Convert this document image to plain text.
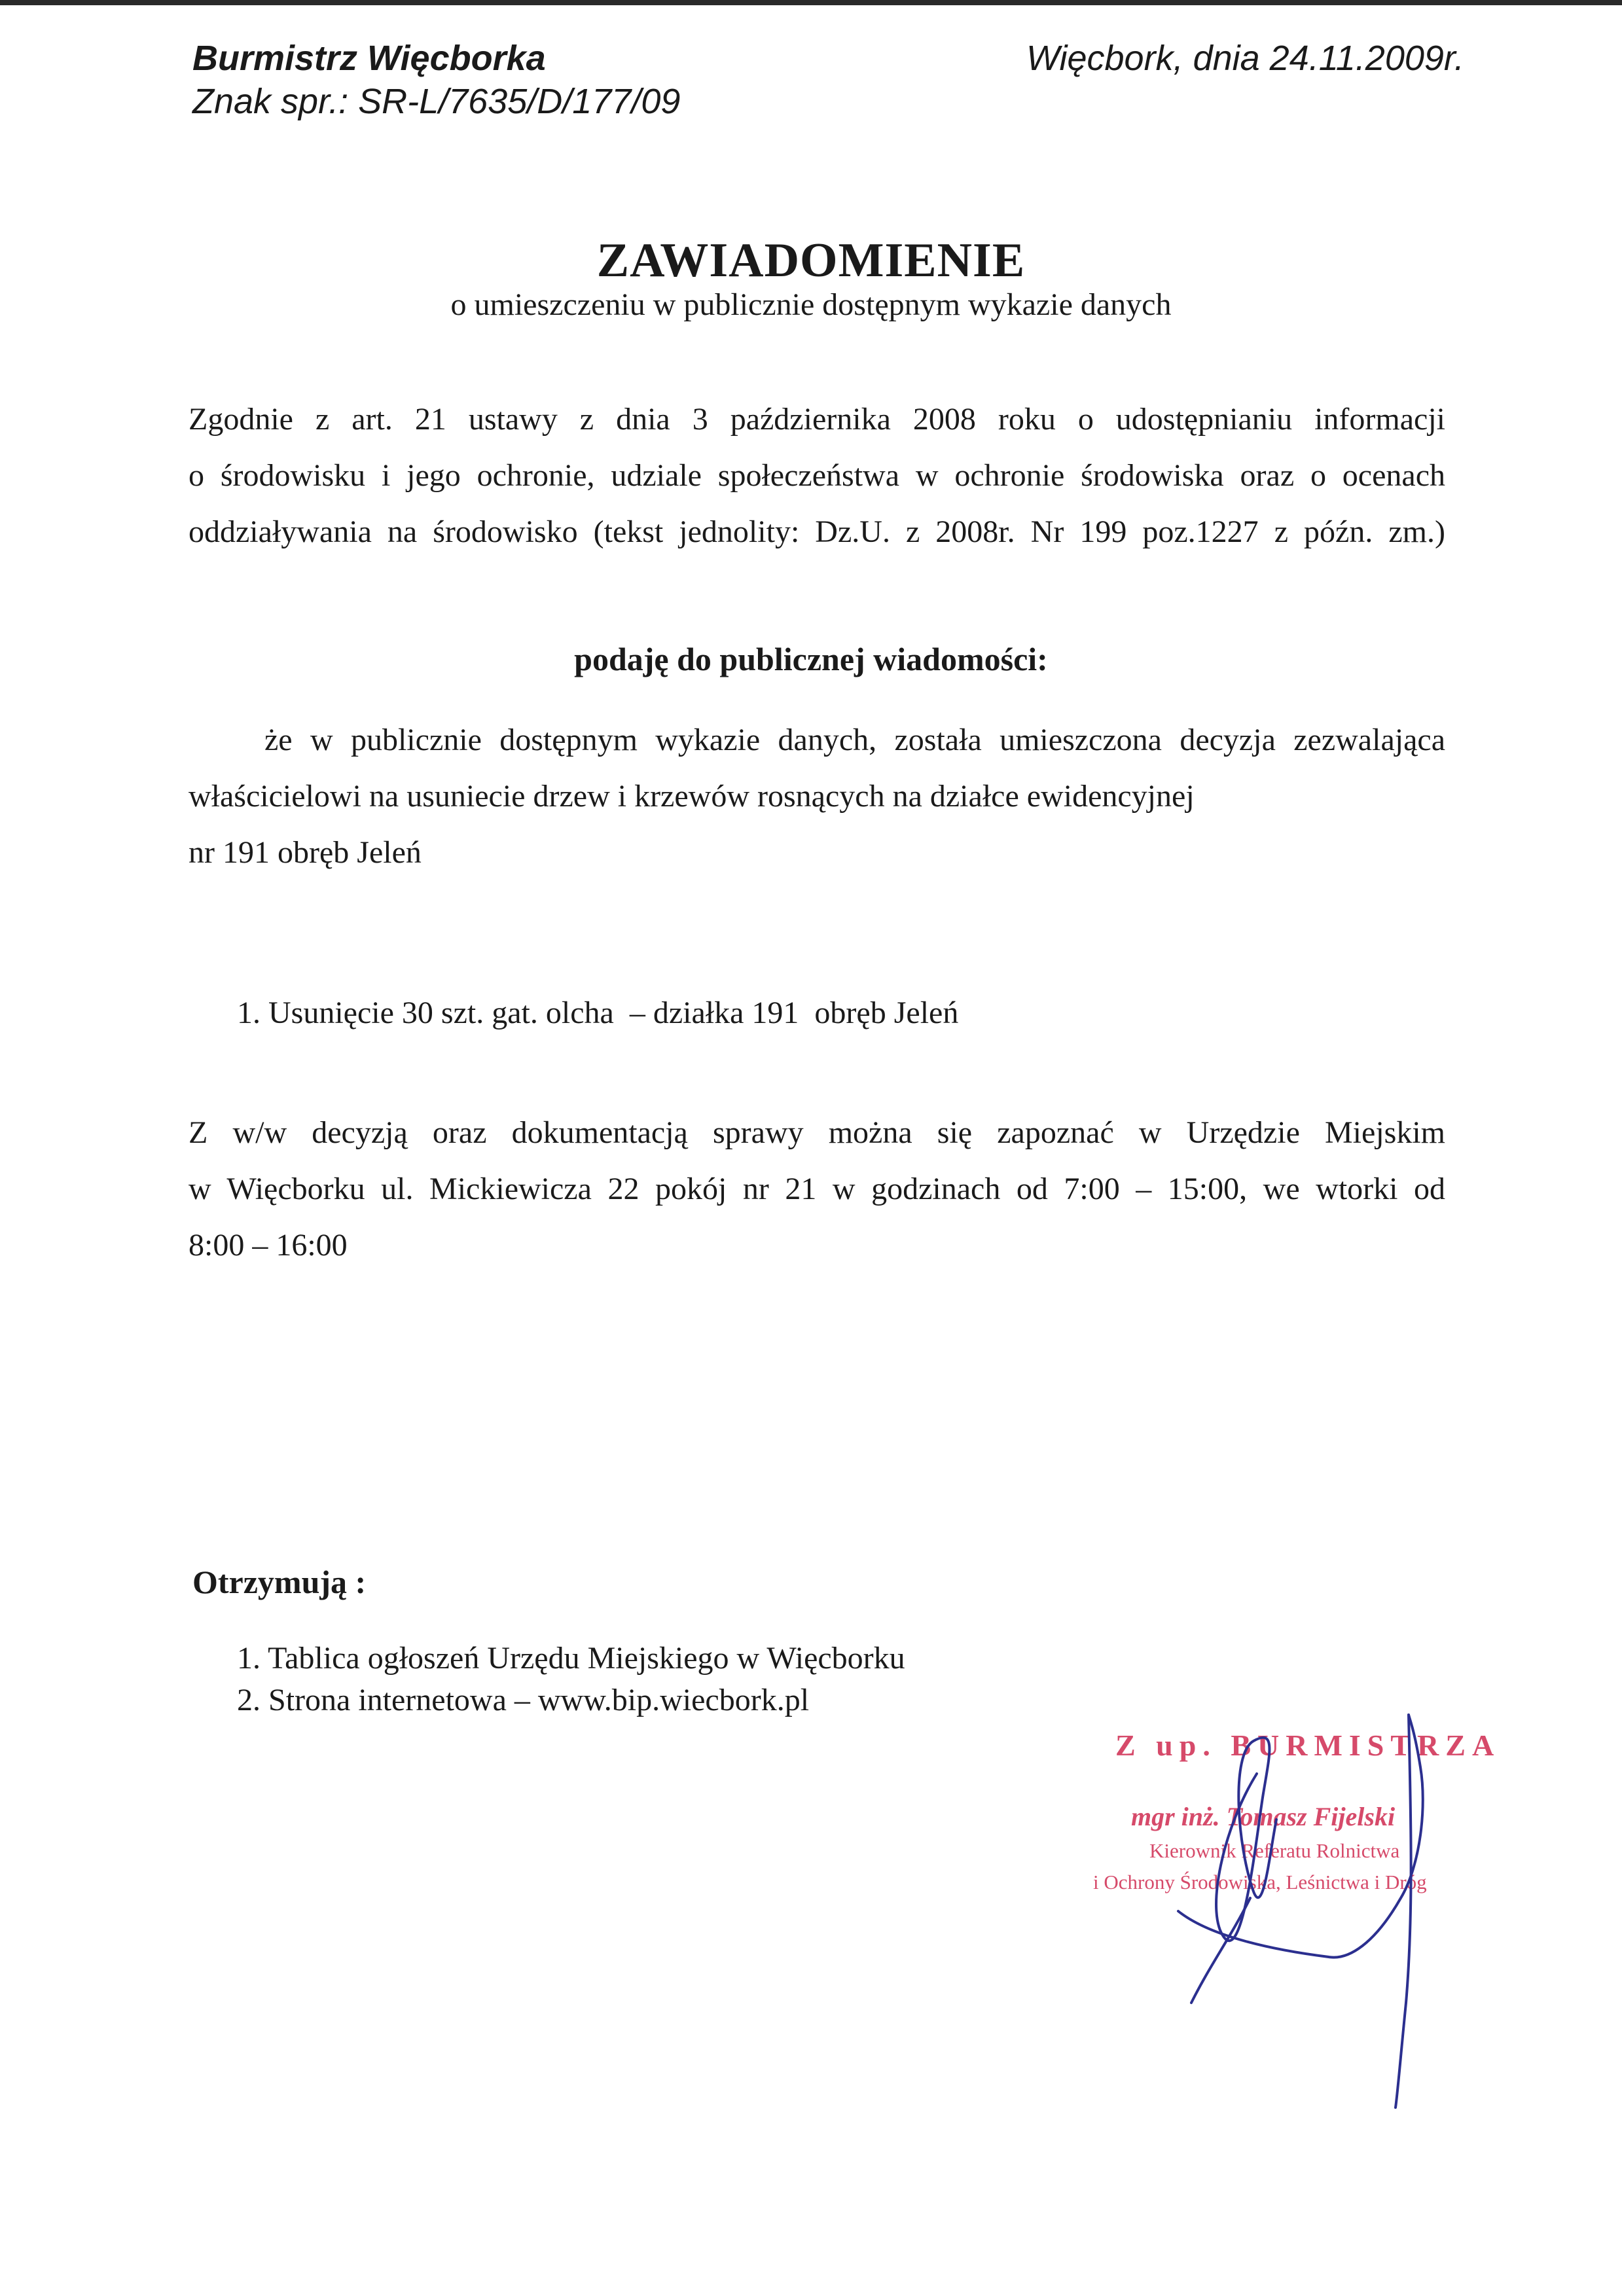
Burmistrz Więcborka
Znak spr.: SR-L/7635/D/177/09
Więcbork, dnia 24.11.2009r.
ZAWIADOMIENIE
o umieszczeniu w publicznie dostępnym wykazie danych
Zgodnie z art. 21 ustawy z dnia 3 października 2008 roku o udostępnianiu informacji
o środowisku i jego ochronie, udziale społeczeństwa w ochronie środowiska oraz o ocenach
oddziaływania na środowisko (tekst jednolity: Dz.U. z 2008r. Nr 199 poz.1227 z późn. zm.)
podaję do publicznej wiadomości:
że w publicznie dostępnym wykazie danych, została umieszczona decyzja zezwalająca
właścicielowi na usuniecie drzew i krzewów rosnących na działce ewidencyjnej
nr 191 obręb Jeleń
1. Usunięcie 30 szt. gat. olcha  – działka 191  obręb Jeleń
Z w/w decyzją oraz dokumentacją sprawy można się zapoznać w Urzędzie Miejskim
w Więcborku ul. Mickiewicza 22 pokój nr 21 w godzinach od 7:00 – 15:00, we wtorki od
8:00 – 16:00
Otrzymują :
1. Tablica ogłoszeń Urzędu Miejskiego w Więcborku
2. Strona internetowa – www.bip.wiecbork.pl
Z up. BURMISTRZA
mgr inż. Tomasz Fijelski
Kierownik Referatu Rolnictwa
i Ochrony Środowiska, Leśnictwa i Dróg
